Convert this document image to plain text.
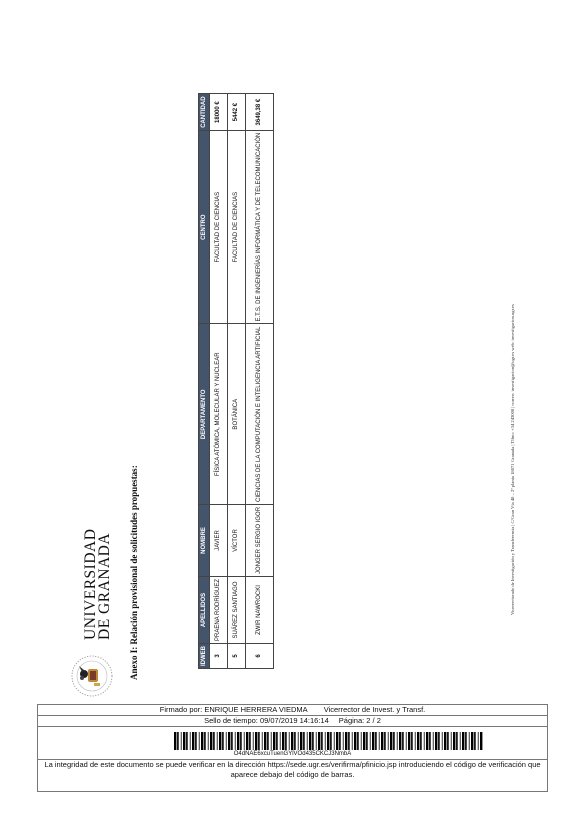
UNIVERSIDAD
DE GRANADA Anexo I: Relación provisional de solicitudes propuestas:	IDWEB	APELLIDOS	NOMBRE	DEPARTAMENTO	CENTRO	CANTIDAD
3	PRAENA RODRÍGUEZ	JAVIER	FÍSICA ATÓMICA, MOLECULAR Y NUCLEAR	FACULTAD DE CIENCIAS	18000 €
5	SUÁREZ SANTIAGO	VÍCTOR	BOTÁNICA	FACULTAD DE CIENCIAS	5442 €
6	ZWIR NAWROCKI	JONGER SERGIO IGOR	CIENCIAS DE LA COMPUTACIÓN E INTELIGENCIA ARTIFICIAL	E.T.S. DE INGENIERÍAS INFORMÁTICA Y DE TELECOMUNICACIÓN	3649,38 €
Vicerrectorado de Investigación y Transferencia | C/Gran Vía 48 – 2ª planta 18071 Granada | Tlfno: +34 243008 | correo: investigacion@ugr.es web: investigacion.ugr.es
Firmado por: ENRIQUE HERRERA VIEDMA Vicerrector de Invest. y Transf.
Sello de tiempo: 09/07/2019 14:16:14 Página: 2 / 2
O4dNAE6xcuTuenGYlVOd435CKCJ3NmbA
La integridad de este documento se puede verificar en la dirección https://sede.ugr.es/verifirma/pfinicio.jsp introduciendo el código de verificación que aparece debajo del código de barras.
